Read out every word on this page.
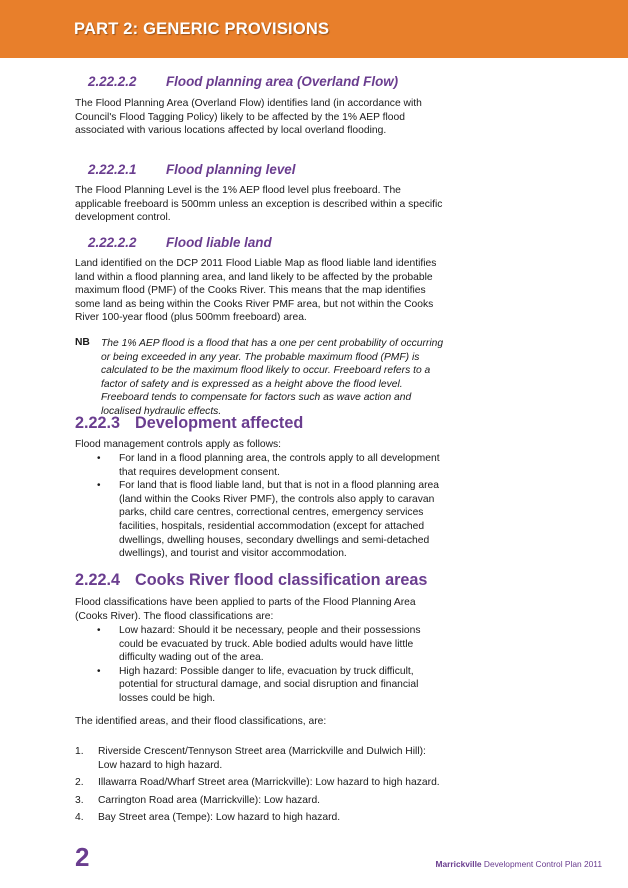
PART 2: GENERIC PROVISIONS
2.22.2.2 Flood planning area (Overland Flow)
The Flood Planning Area (Overland Flow) identifies land (in accordance with Council's Flood Tagging Policy) likely to be affected by the 1% AEP flood associated with various locations affected by local overland flooding.
2.22.2.1 Flood planning level
The Flood Planning Level is the 1% AEP flood level plus freeboard. The applicable freeboard is 500mm unless an exception is described within a specific development control.
2.22.2.2 Flood liable land
Land identified on the DCP 2011 Flood Liable Map as flood liable land identifies land within a flood planning area, and land likely to be affected by the probable maximum flood (PMF) of the Cooks River. This means that the map identifies some land as being within the Cooks River PMF area, but not within the Cooks River 100-year flood (plus 500mm freeboard) area.
NB The 1% AEP flood is a flood that has a one per cent probability of occurring or being exceeded in any year. The probable maximum flood (PMF) is calculated to be the maximum flood likely to occur. Freeboard refers to a factor of safety and is expressed as a height above the flood level. Freeboard tends to compensate for factors such as wave action and localised hydraulic effects.
2.22.3 Development affected
Flood management controls apply as follows:
• For land in a flood planning area, the controls apply to all development that requires development consent.
• For land that is flood liable land, but that is not in a flood planning area (land within the Cooks River PMF), the controls also apply to caravan parks, child care centres, correctional centres, emergency services facilities, hospitals, residential accommodation (except for attached dwellings, dwelling houses, secondary dwellings and semi-detached dwellings), and tourist and visitor accommodation.
2.22.4 Cooks River flood classification areas
Flood classifications have been applied to parts of the Flood Planning Area (Cooks River). The flood classifications are:
• Low hazard: Should it be necessary, people and their possessions could be evacuated by truck. Able bodied adults would have little difficulty wading out of the area.
• High hazard: Possible danger to life, evacuation by truck difficult, potential for structural damage, and social disruption and financial losses could be high.
The identified areas, and their flood classifications, are:
1. Riverside Crescent/Tennyson Street area (Marrickville and Dulwich Hill): Low hazard to high hazard.
2. Illawarra Road/Wharf Street area (Marrickville): Low hazard to high hazard.
3. Carrington Road area (Marrickville): Low hazard.
4. Bay Street area (Tempe): Low hazard to high hazard.
2	Marrickville Development Control Plan 2011
